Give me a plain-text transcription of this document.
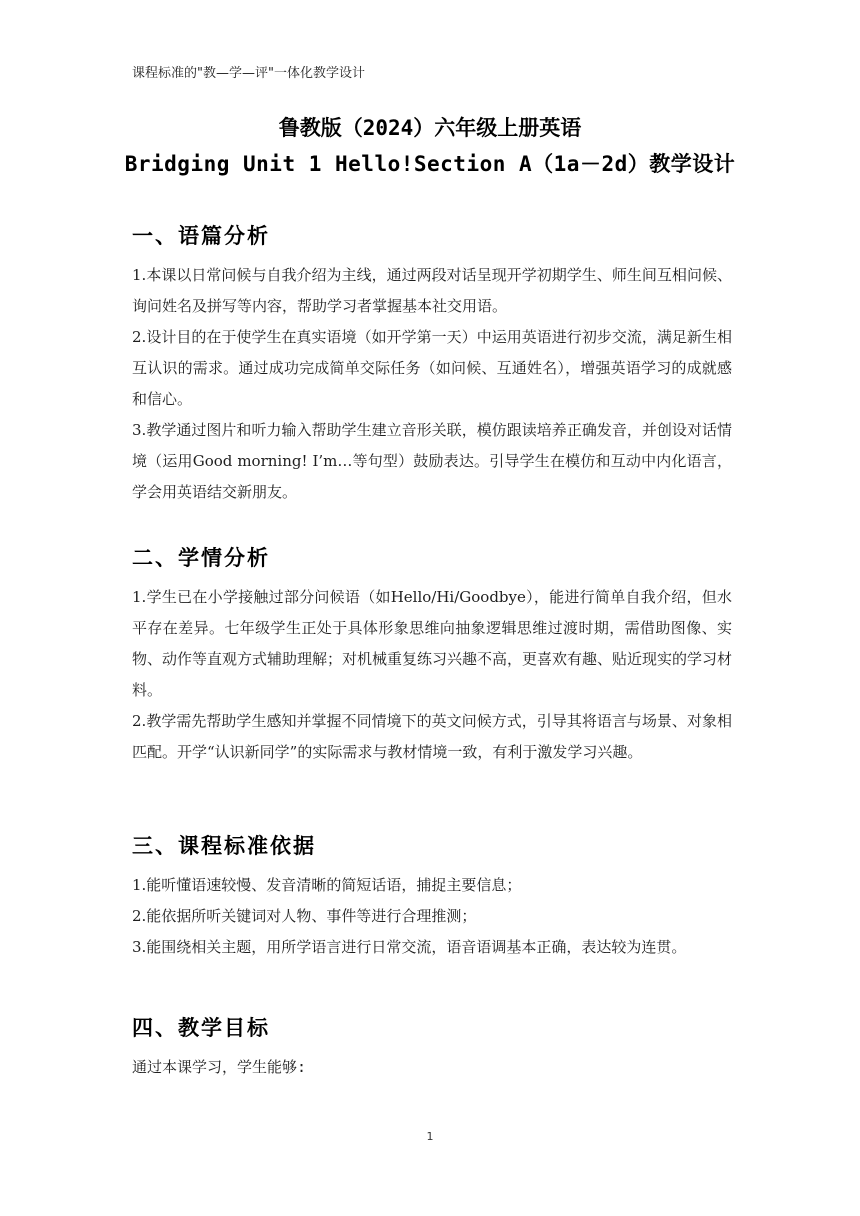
课程标准的"教—学—评"一体化教学设计
鲁教版（2024）六年级上册英语
Bridging Unit 1 Hello!Section A（1a－2d）教学设计
一、语篇分析
1.本课以日常问候与自我介绍为主线，通过两段对话呈现开学初期学生、师生间互相问候、询问姓名及拼写等内容，帮助学习者掌握基本社交用语。
2.设计目的在于使学生在真实语境（如开学第一天）中运用英语进行初步交流，满足新生相互认识的需求。通过成功完成简单交际任务（如问候、互通姓名），增强英语学习的成就感和信心。
3.教学通过图片和听力输入帮助学生建立音形关联，模仿跟读培养正确发音，并创设对话情境（运用Good morning! I’m…等句型）鼓励表达。引导学生在模仿和互动中内化语言，学会用英语结交新朋友。
二、学情分析
1.学生已在小学接触过部分问候语（如Hello/Hi/Goodbye），能进行简单自我介绍，但水平存在差异。七年级学生正处于具体形象思维向抽象逻辑思维过渡时期，需借助图像、实物、动作等直观方式辅助理解；对机械重复练习兴趣不高，更喜欢有趣、贴近现实的学习材料。
2.教学需先帮助学生感知并掌握不同情境下的英文问候方式，引导其将语言与场景、对象相匹配。开学“认识新同学”的实际需求与教材情境一致，有利于激发学习兴趣。
三、课程标准依据
1.能听懂语速较慢、发音清晰的简短话语，捕捉主要信息；
2.能依据所听关键词对人物、事件等进行合理推测；
3.能围绕相关主题，用所学语言进行日常交流，语音语调基本正确，表达较为连贯。
四、教学目标
通过本课学习，学生能够:
1
